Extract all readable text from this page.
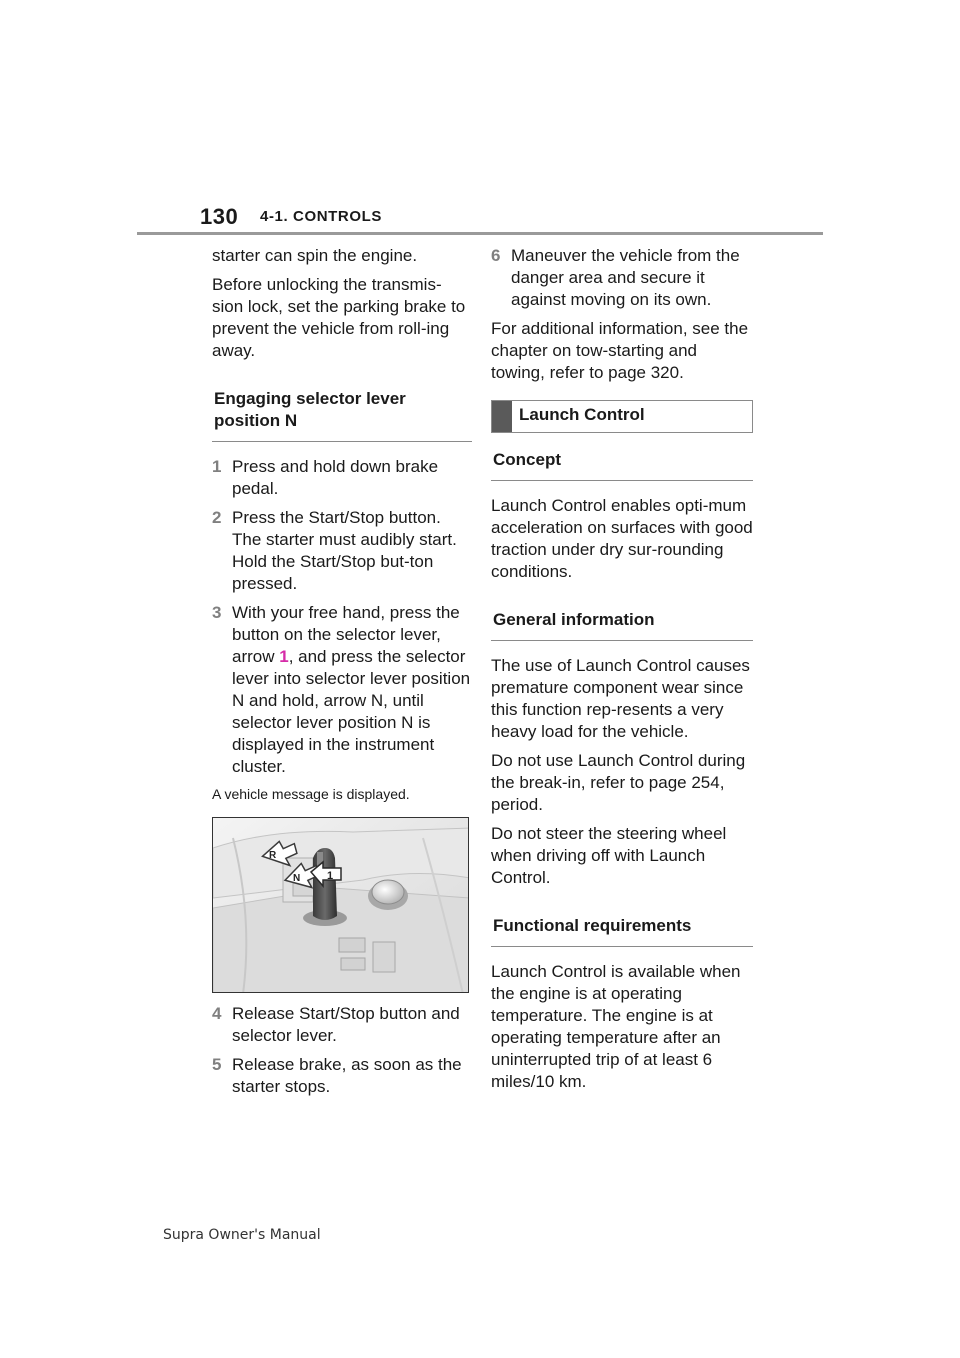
130 4-1. CONTROLS

starter can spin the engine.

Before unlocking the transmis-sion lock, set the parking brake to prevent the vehicle from roll-ing away.

Engaging selector lever position N
1 Press and hold down brake pedal.
2 Press the Start/Stop button. The starter must audibly start. Hold the Start/Stop but-ton pressed.
3 With your free hand, press the button on the selector lever, arrow 1, and press the selector lever into selector lever position N and hold, arrow N, until selector lever position N is displayed in the instrument cluster.

A vehicle message is displayed.

R
N 1
4 Release Start/Stop button and selector lever.
5 Release brake, as soon as the starter stops.
6 Maneuver the vehicle from the danger area and secure it against moving on its own.

For additional information, see the chapter on tow-starting and towing, refer to page 320.

Launch Control
Concept

Launch Control enables opti-mum acceleration on surfaces with good traction under dry sur-rounding conditions.

General information

The use of Launch Control causes premature component wear since this function rep-resents a very heavy load for the vehicle.

Do not use Launch Control during the break-in, refer to page 254, period.

Do not steer the steering wheel when driving off with Launch Control.

Functional requirements

Launch Control is available when the engine is at operating temperature. The engine is at operating temperature after an uninterrupted trip of at least 6 miles/10 km.

Supra Owner's Manual
